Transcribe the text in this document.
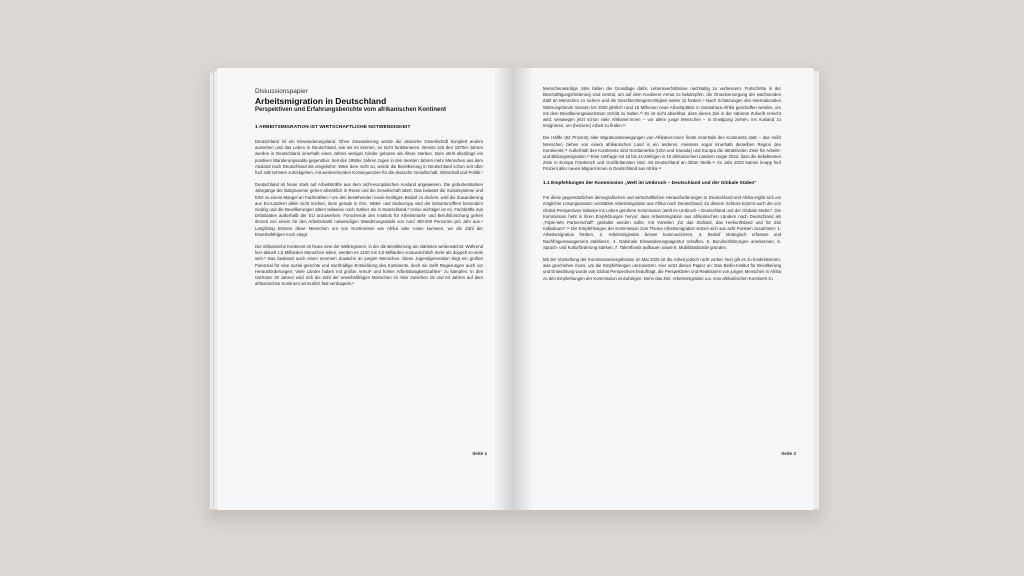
Diskussionspapier
Arbeitsmigration in Deutschland
Perspektiven und Erfahrungsberichte vom afrikanischen Kontinent
1 ARBEITSMIGRATION IST WIRTSCHAFTLICHE NOTWENDIGKEIT

Deutschland ist ein Einwanderungsland. Ohne Zuwanderung würde die deutsche Gesellschaft komplett anders aussehen und das Leben in Deutschland, wie wir es kennen, so nicht funktionieren. Bereits seit den 1970er Jahren werden in Deutschland innerhalb eines Jahres weniger Kinder geboren als Ältere sterben. Dem steht allerdings ein positives Wanderungssaldo gegenüber. Seit den 1950er Jahren zogen in den meisten Jahren mehr Menschen aus dem Ausland nach Deutschland als umgekehrt. Wäre dem nicht so, würde die Bevölkerung in Deutschland schon seit über fünf Jahrzehnten zurückgehen, mit weitreichenden Konsequenzen für die deutsche Gesellschaft, Wirtschaft und Politik.¹

Deutschland ist heute stark auf Arbeitskräfte aus dem nicht-europäischen Ausland angewiesen. Die geburtenstarken Jahrgänge der Babyboomer gehen allmählich in Rente und die Gesellschaft altert. Das belastet die Sozialsysteme und führt zu einem Mangel an Fachkräften.² Um den bestehenden sowie künftigen Bedarf zu decken, wird die Zuwanderung aus EU-Ländern allein nicht reichen, denn gerade in Ost-, Mittel- und Südeuropa sind die Geburtenziffern besonders niedrig und die Bevölkerungen altern teilweise noch stärker als in Deutschland.³ Umso wichtiger ist es, Fachkräfte aus Drittstaaten außerhalb der EU anzuwerben. Forschende des Instituts für Arbeitsmarkt- und Berufsforschung gehen derzeit von einem für den Arbeitsmarkt notwendigen Wanderungssaldo von rund 400.000 Personen pro Jahr aus.⁴ Langfristig können diese Menschen nur von Kontinenten wie Afrika oder Asien kommen, wo die Zahl der Erwerbsfähigen noch steigt.

Der afrikanische Kontinent ist heute eine der Weltregionen, in der die Bevölkerung am stärksten weiterwächst: Während hier aktuell 1,5 Milliarden Menschen leben, werden es 2100 mit 3,8 Milliarden voraussichtlich mehr als doppelt so viele sein.⁵ Das bedeutet auch einen enormen Zuwachs an jungen Menschen. Diese Jugendgeneration birgt ein großes Potenzial für eine sozial gerechte und nachhaltige Entwicklung des Kontinents, doch sie stellt Regierungen auch vor Herausforderungen: Viele Länder haben mit großer Armut⁶ und hohen Arbeitslosigkeitszahlen⁷ zu kämpfen. In den nächsten 30 Jahren wird sich die Zahl der erwerbsfähigen Menschen im Alter zwischen 15 und 64 Jahren auf dem afrikanischen Kontinent vermutlich fast verdoppeln.⁸

Seite 1

Menschenwürdige Jobs bilden die Grundlage dafür, Lebensverhältnisse nachhaltig zu verbessern. Fortschritte in der Beschäftigungsförderung sind zentral, um auf dem Kontinent Armut zu bekämpfen, die Grundversorgung der wachsenden Zahl an Menschen zu sichern und die Geschlechtergerechtigkeit weiter zu fördern.⁹ Nach Schätzungen des Internationalen Währungsfonds müssen bis 2030 jährlich rund 15 Millionen neue Arbeitsplätze in Subsahara-Afrika geschaffen werden, um mit dem Bevölkerungswachstum Schritt zu halten.¹⁰ Es ist nicht absehbar, dass dieses Ziel in der näheren Zukunft erreicht wird, weswegen jetzt schon viele Afrikaner:innen – vor allem junge Menschen – in Erwägung ziehen, ins Ausland zu emigrieren, um (bessere) Arbeit zu finden.¹¹

Die Hälfte (52 Prozent) aller Migrationsbewegungen von Afrikaner:innen findet innerhalb des Kontinents statt – das heißt Menschen ziehen von einem afrikanischen Land in ein anderes, meistens sogar innerhalb derselben Region des Kontinents.¹² Außerhalb des Kontinents sind Nordamerika (USA und Kanada) und Europa die attraktivsten Ziele für Arbeits- und Bildungsmigration.¹³ Eine Umfrage mit 18 bis 24-Jährigen in 16 afrikanischen Ländern zeigte 2024, dass die beliebtesten Ziele in Europa Frankreich und Großbritannien sind, mit Deutschland an dritter Stelle.¹⁴ Im Jahr 2023 kamen knapp fünf Prozent aller neuen Migrant:innen in Deutschland aus Afrika.¹⁵

1.1 Empfehlungen der Kommission „Welt im Umbruch – Deutschland und der Globale Süden"

Für diese gegensätzlichen demografischen und wirtschaftlichen Herausforderungen in Deutschland und Afrika ergibt sich ein möglicher Lösungsansatz: verstärkte Arbeitsmigration aus Afrika nach Deutschland. Zu diesem Schluss kommt auch die von Global Perspectives Initiative ins Leben gerufene Kommission „Welt im Umbruch – Deutschland und der Globale Süden". Die Kommission hebt in ihren Empfehlungen hervor, dass Arbeitsmigration aus afrikanischen Ländern nach Deutschland als „Triple-Win Partnerschaft" gestaltet werden sollte, mit Vorteilen „für das Zielland, das Herkunftsland und für das Individuum".¹⁶ Die Empfehlungen der Kommission zum Thema Arbeitsmigration setzen sich aus acht Punkten zusammen: 1. Arbeitsmigration fördern, 2. Arbeitsmigration besser kommunizieren, 3. Bedarf strategisch erfassen und Nachfragemanagement etablieren, 4. Nationale Einwanderungsagentur schaffen, 5. Berufserfahrungen anerkennen, 6. Sprach- und Kulturförderung stärken, 7. Talentfonds aufbauen sowie 8. Mobilitätsbünde gründen.

Mit der Vorstellung der Kommissionsergebnisse im Mai 2025 ist die Arbeit jedoch nicht vorbei. Nun gilt es zu konkretisieren, was geschehen muss, um die Empfehlungen umzusetzen. Hier setzt dieses Papier an: Das Berlin-Institut für Bevölkerung und Entwicklung wurde von Global Perspectives beauftragt, die Perspektiven und Reaktionen von jungen Menschen in Afrika zu den Empfehlungen der Kommission einzufangen. Denn das Ziel, Arbeitsmigration u.a. vom afrikanischen Kontinent zu

Seite 2
